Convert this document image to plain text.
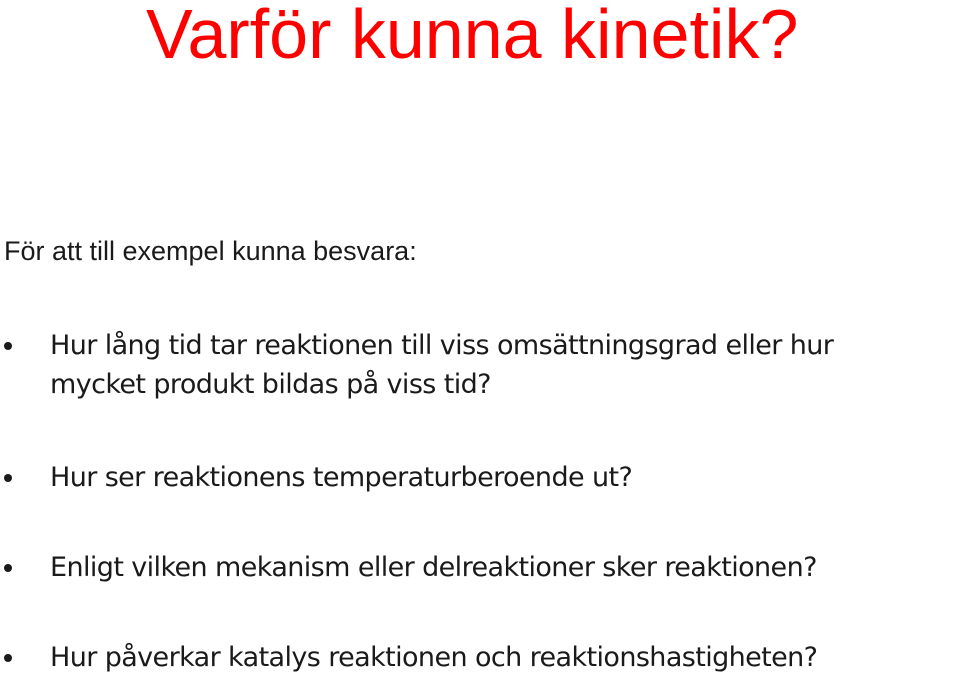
Varför kunna kinetik?

För att till exempel kunna besvara:

Hur lång tid tar reaktionen till viss omsättningsgrad eller hur
mycket produkt bildas på viss tid?

Hur ser reaktionens temperaturberoende ut?

Enligt vilken mekanism eller delreaktioner sker reaktionen?

Hur påverkar katalys reaktionen och reaktionshastigheten?
